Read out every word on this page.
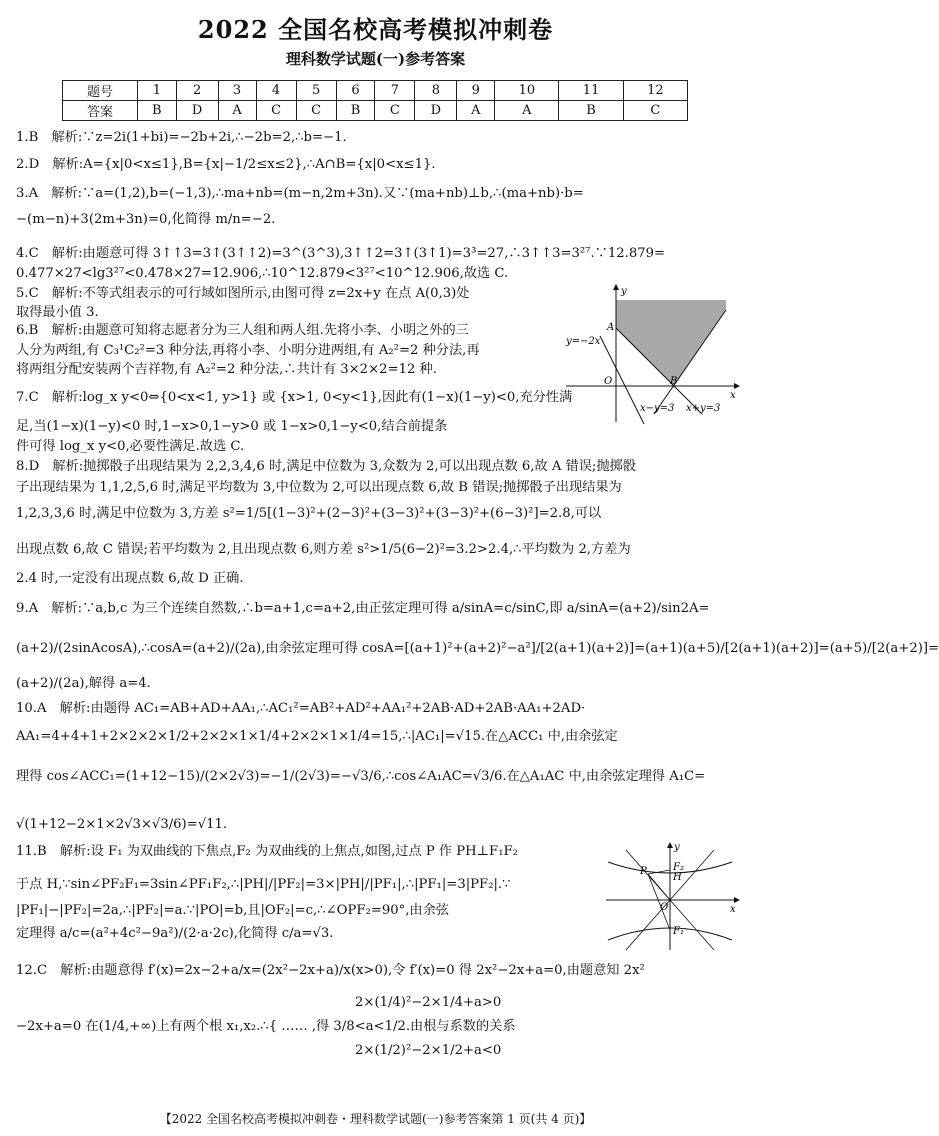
2022 全国名校高考模拟冲刺卷
理科数学试题(一)参考答案
题号	1	2	3	4	5	6	7	8	9	10	11	12
答案	B	D	A	C	C	B	C	D	A	A	B	C
1.B　解析:∵z=2i(1+bi)=−2b+2i,∴−2b=2,∴b=−1.
2.D　解析:A={x|0<x≤1},B={x|−1/2≤x≤2},∴A∩B={x|0<x≤1}.
3.A　解析:∵a=(1,2),b=(−1,3),∴ma+nb=(m−n,2m+3n).又∵(ma+nb)⊥b,∴(ma+nb)·b=
−(m−n)+3(2m+3n)=0,化简得 m/n=−2.
4.C　解析:由题意可得 3↑↑3=3↑(3↑↑2)=3^(3^3),3↑↑2=3↑(3↑1)=3³=27,∴3↑↑3=3²⁷.∵12.879=
0.477×27<lg3²⁷<0.478×27=12.906,∴10^12.879<3²⁷<10^12.906,故选 C.
5.C　解析:不等式组表示的可行域如图所示,由图可得 z=2x+y 在点 A(0,3)处
取得最小值 3.
6.B　解析:由题意可知将志愿者分为三人组和两人组.先将小李、小明之外的三
人分为两组,有 C₃¹C₂²=3 种分法,再将小李、小明分进两组,有 A₂²=2 种分法,再
将两组分配安装两个吉祥物,有 A₂²=2 种分法,∴共计有 3×2×2=12 种.
7.C　解析:log_x y<0⇔{0<x<1, y>1} 或 {x>1, 0<y<1},因此有(1−x)(1−y)<0,充分性满
足,当(1−x)(1−y)<0 时,1−x>0,1−y>0 或 1−x>0,1−y<0,结合前提条
件可得 log_x y<0,必要性满足.故选 C.
8.D　解析:抛掷骰子出现结果为 2,2,3,4,6 时,满足中位数为 3,众数为 2,可以出现点数 6,故 A 错误;抛掷骰
子出现结果为 1,1,2,5,6 时,满足平均数为 3,中位数为 2,可以出现点数 6,故 B 错误;抛掷骰子出现结果为
1,2,3,3,6 时,满足中位数为 3,方差 s²=1/5[(1−3)²+(2−3)²+(3−3)²+(3−3)²+(6−3)²]=2.8,可以
出现点数 6,故 C 错误;若平均数为 2,且出现点数 6,则方差 s²>1/5(6−2)²=3.2>2.4,∴平均数为 2,方差为
2.4 时,一定没有出现点数 6,故 D 正确.
9.A　解析:∵a,b,c 为三个连续自然数,∴b=a+1,c=a+2,由正弦定理可得 a/sinA=c/sinC,即 a/sinA=(a+2)/sin2A=
(a+2)/(2sinAcosA),∴cosA=(a+2)/(2a),由余弦定理可得 cosA=[(a+1)²+(a+2)²−a²]/[2(a+1)(a+2)]=(a+1)(a+5)/[2(a+1)(a+2)]=(a+5)/[2(a+2)]=
(a+2)/(2a),解得 a=4.
10.A　解析:由题得 AC₁=AB+AD+AA₁,∴AC₁²=AB²+AD²+AA₁²+2AB·AD+2AB·AA₁+2AD·
AA₁=4+4+1+2×2×2×1/2+2×2×1×1/4+2×2×1×1/4=15,∴|AC₁|=√15.在△ACC₁ 中,由余弦定
理得 cos∠ACC₁=(1+12−15)/(2×2√3)=−1/(2√3)=−√3/6,∴cos∠A₁AC=√3/6.在△A₁AC 中,由余弦定理得 A₁C=
√(1+12−2×1×2√3×√3/6)=√11.
11.B　解析:设 F₁ 为双曲线的下焦点,F₂ 为双曲线的上焦点,如图,过点 P 作 PH⊥F₁F₂
于点 H,∵sin∠PF₂F₁=3sin∠PF₁F₂,∴|PH|/|PF₂|=3×|PH|/|PF₁|,∴|PF₁|=3|PF₂|.∵
|PF₁|−|PF₂|=2a,∴|PF₂|=a.∵|PO|=b,且|OF₂|=c,∴∠OPF₂=90°,由余弦
定理得 a/c=(a²+4c²−9a²)/(2·a·2c),化简得 c/a=√3.
12.C　解析:由题意得 f′(x)=2x−2+a/x=(2x²−2x+a)/x(x>0),令 f′(x)=0 得 2x²−2x+a=0,由题意知 2x²
2×(1/4)²−2×1/4+a>0
−2x+a=0 在(1/4,+∞)上有两个根 x₁,x₂.∴{ …… ,得 3/8<a<1/2.由根与系数的关系
2×(1/2)²−2×1/2+a<0
y
x
y=−2x
x−y=3 x+y=3
O
A
B
y
x
P	F₂
H
O
F₁
【2022 全国名校高考模拟冲刺卷・理科数学试题(一)参考答案第 1 页(共 4 页)】
